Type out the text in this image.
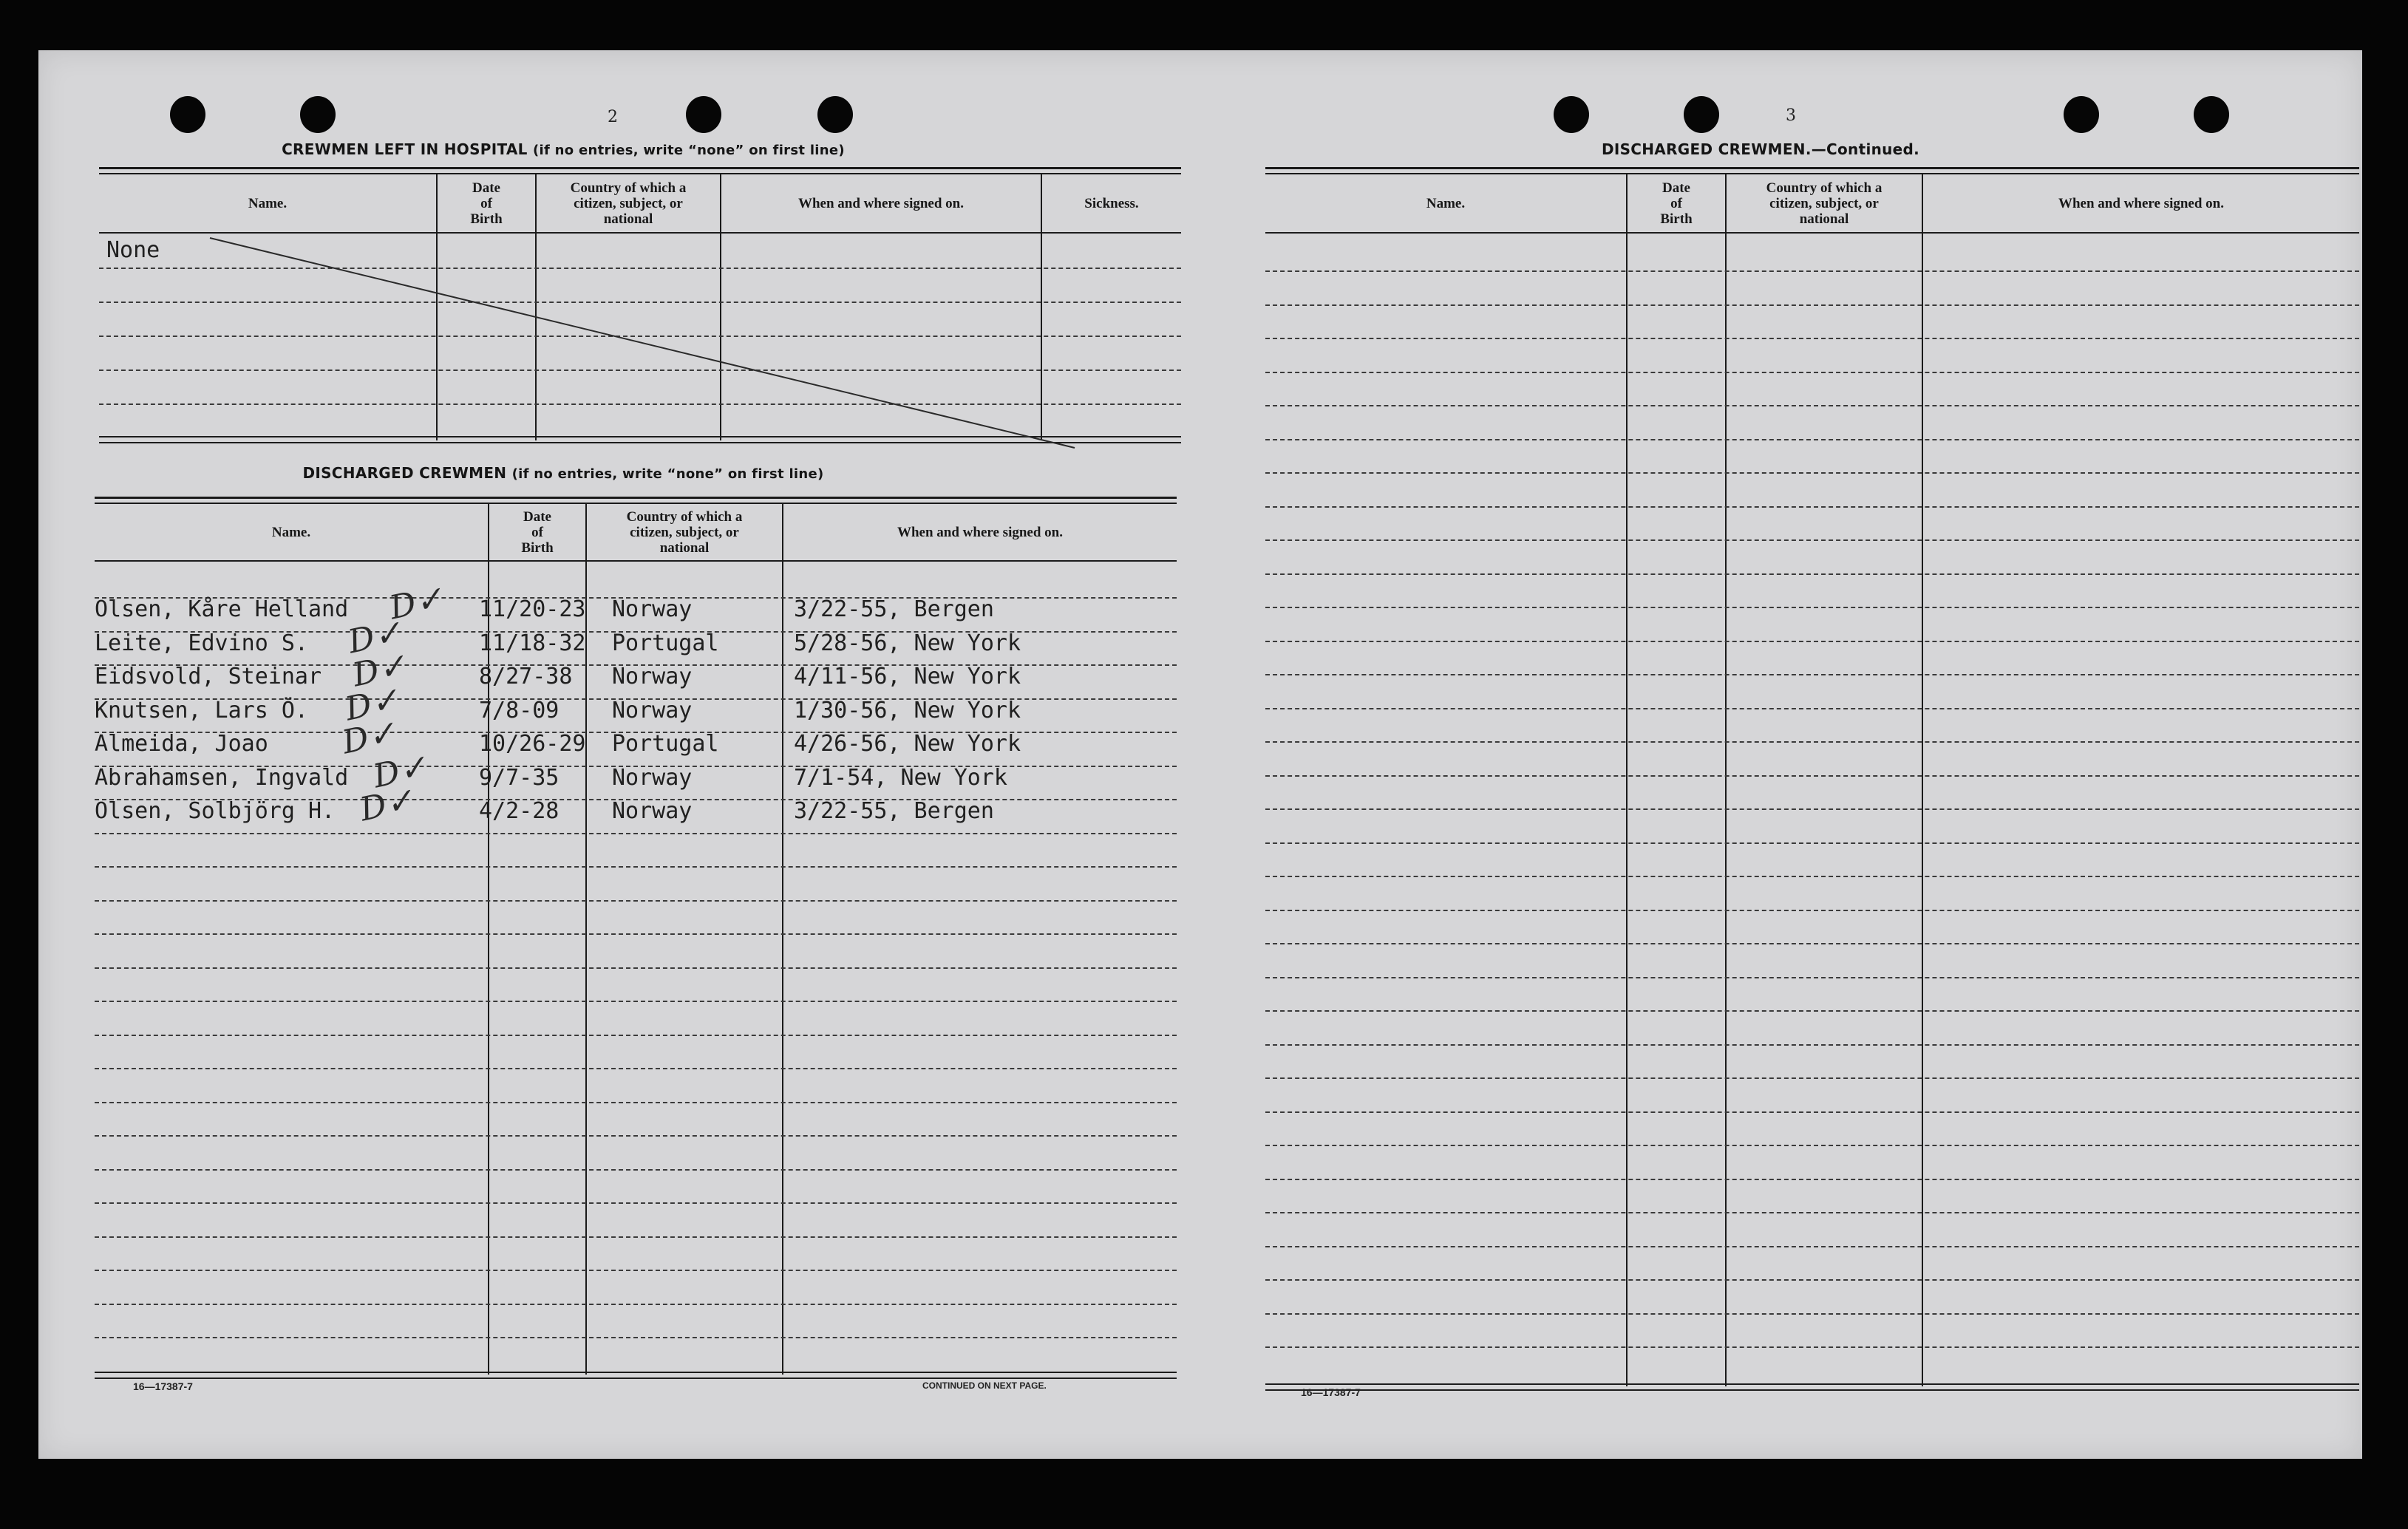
2	3
CREWMEN LEFT IN HOSPITAL (if no entries, write “none” on first line)
Name.
Date
of
Birth
Country of which a
citizen, subject, or
national
When and where signed on.	Sickness.
None
DISCHARGED CREWMEN (if no entries, write “none” on first line)
Name.
Date
of
Birth
Country of which a
citizen, subject, or
national
When and where signed on.
Olsen, Kåre Helland	11/20-23 Norway	3/22-55, Bergen
D✓
Leite, Edvino S.	11/18-32 Portugal	5/28-56, New York
D✓
Eidsvold, Steinar	8/27-38 Norway	4/11-56, New York
D✓
Knutsen, Lars Ö.	7/8-09 Norway	1/30-56, New York
D✓
Almeida, Joao	10/26-29 Portugal	4/26-56, New York
D✓
Abrahamsen, Ingvald	9/7-35 Norway	7/1-54, New York
D✓
Olsen, Solbjörg H.	4/2-28 Norway	3/22-55, Bergen
D✓
16—17387-7	CONTINUED ON NEXT PAGE.
DISCHARGED CREWMEN.—Continued.
Name.
Date
of
Birth
Country of which a
citizen, subject, or
national
When and where signed on.
16—17387-7
